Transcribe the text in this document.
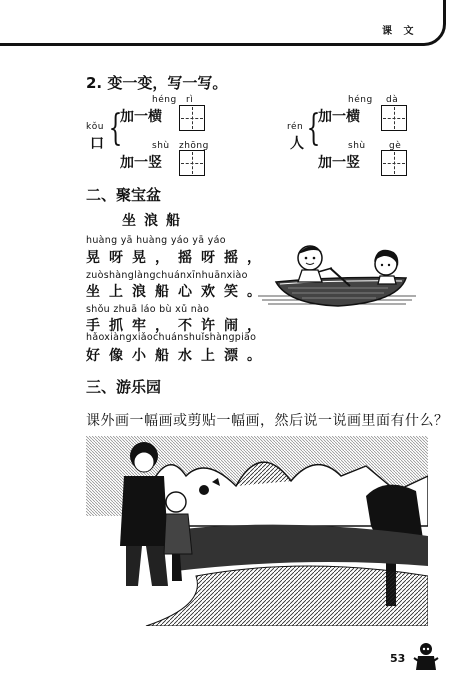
课 文
2. 变一变，写一写。
kǒu
口 {
héng rì
加一横
shù zhōng
加一竖
rén
人 {
héng dà
加一横
shù	gè
加一竖
二、聚宝盆
坐浪船
huàng yā huàng yáo yā yáo
晃呀晃，摇呀摇，
zuòshànglàngchuánxīnhuānxiào
坐上浪船心欢笑。
shǒu zhuā láo bù xǔ nào
手抓牢，不许闹，
hǎoxiàngxiǎochuánshuǐshàngpiāo
好像小船水上漂。
三、游乐园
课外画一幅画或剪贴一幅画，然后说一说画里面有什么？
53
